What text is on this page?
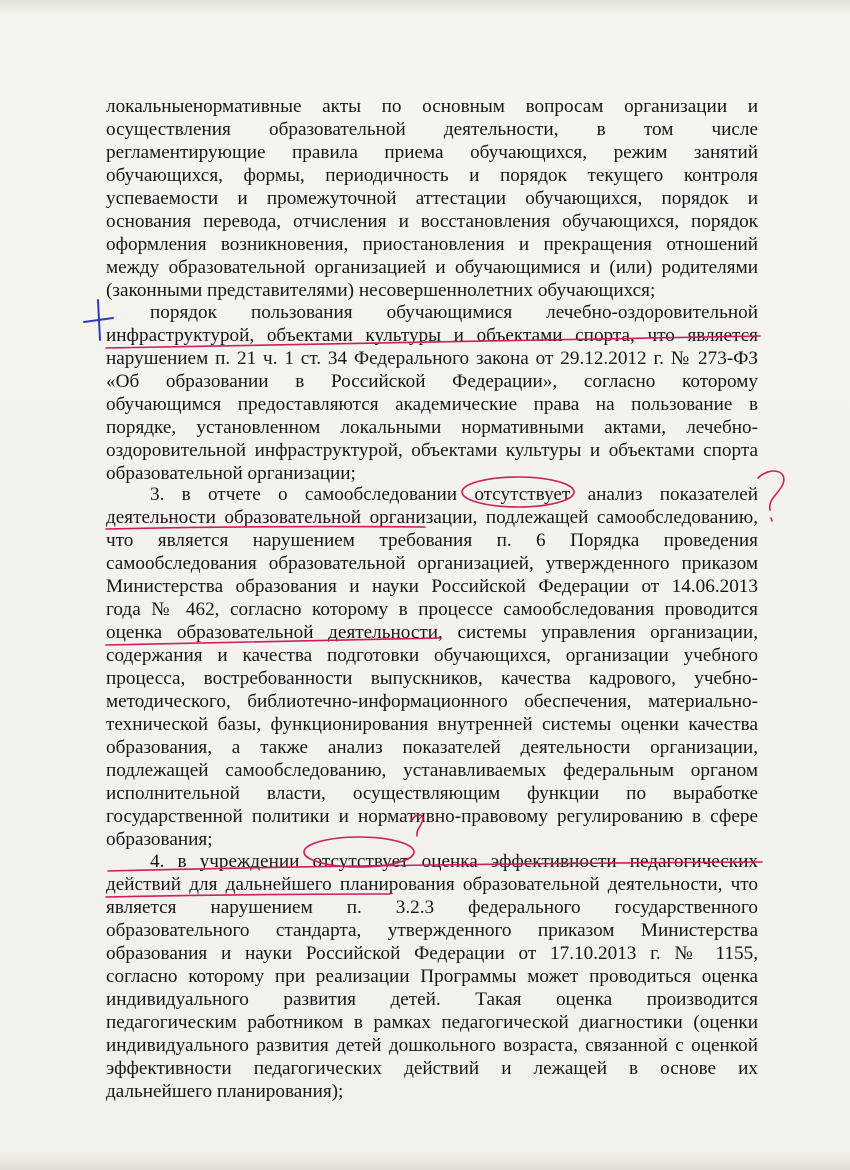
локальныенормативные акты по основным вопросам организации и
осуществления образовательной деятельности, в том числе
регламентирующие правила приема обучающихся, режим занятий
обучающихся, формы, периодичность и порядок текущего контроля
успеваемости и промежуточной аттестации обучающихся, порядок и
основания перевода, отчисления и восстановления обучающихся, порядок
оформления возникновения, приостановления и прекращения отношений
между образовательной организацией и обучающимися и (или) родителями
(законными представителями) несовершеннолетних обучающихся;
порядок пользования обучающимися лечебно-оздоровительной
инфраструктурой, объектами культуры и объектами спорта, что является
нарушением п. 21 ч. 1 ст. 34 Федерального закона от 29.12.2012 г. № 273-ФЗ
«Об образовании в Российской Федерации», согласно которому
обучающимся предоставляются академические права на пользование в
порядке, установленном локальными нормативными актами, лечебно-
оздоровительной инфраструктурой, объектами культуры и объектами спорта
образовательной организации;
3. в отчете о самообследовании отсутствует анализ показателей
деятельности образовательной организации, подлежащей самообследованию,
что является нарушением требования п. 6 Порядка проведения
самообследования образовательной организацией, утвержденного приказом
Министерства образования и науки Российской Федерации от 14.06.2013
года № 462, согласно которому в процессе самообследования проводится
оценка образовательной деятельности, системы управления организации,
содержания и качества подготовки обучающихся, организации учебного
процесса, востребованности выпускников, качества кадрового, учебно-
методического, библиотечно-информационного обеспечения, материально-
технической базы, функционирования внутренней системы оценки качества
образования, а также анализ показателей деятельности организации,
подлежащей самообследованию, устанавливаемых федеральным органом
исполнительной власти, осуществляющим функции по выработке
государственной политики и нормативно-правовому регулированию в сфере
образования;
4. в учреждении отсутствует оценка эффективности педагогических
действий для дальнейшего планирования образовательной деятельности, что
является нарушением п. 3.2.3 федерального государственного
образовательного стандарта, утвержденного приказом Министерства
образования и науки Российской Федерации от 17.10.2013 г. № 1155,
согласно которому при реализации Программы может проводиться оценка
индивидуального развития детей. Такая оценка производится
педагогическим работником в рамках педагогической диагностики (оценки
индивидуального развития детей дошкольного возраста, связанной с оценкой
эффективности педагогических действий и лежащей в основе их
дальнейшего планирования);
